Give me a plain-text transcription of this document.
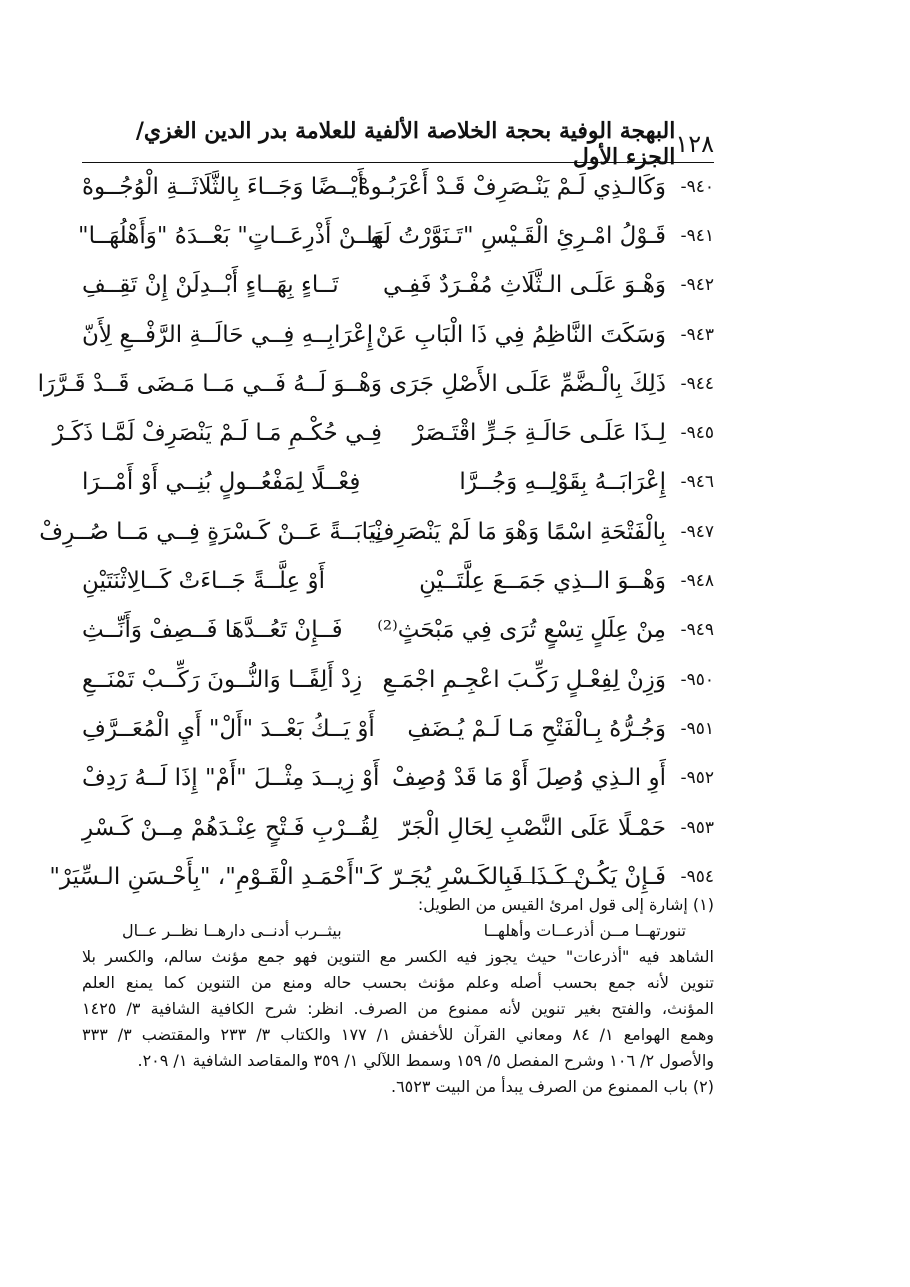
١٢٨
البهجة الوفية بحجة الخلاصة الألفية للعلامة بدر الدين الغزي/ الجزء الأول
٩٤٠-
وَكَالـذِي لَـمْ يَنْـصَرِفْ قَـدْ أَعْرَبُـوهْ
أَيْــضًا وَجَــاءَ بِالثَّلَاثَــةِ الْوُجُــوهْ
٩٤١-
قَـوْلُ امْـرِئِ الْقَـيْسِ "تَـنَوَّرْتُ لَهَا
مِــنْ أَذْرِعَــاتٍ" بَعْــدَهُ "وَأَهْلُهَــا"
٩٤٢-
وَهْـوَ عَلَـى الـثَّلَاثِ مُفْـرَدٌ فَفِـي
تَــاءٍ بِهَــاءٍ أَبْــدِلَنْ إِنْ تَقِــفِ
٩٤٣-
وَسَكَتَ النَّاظِمُ فِي ذَا الْبَابِ عَنْ
إِعْرَابِــهِ فِــي حَالَــةِ الرَّفْــعِ لِأَنّ
٩٤٤-
ذَلِكَ بِالْـضَّمِّ عَلَـى الأَصْلِ جَرَى
وَهْــوَ لَــهُ فَــي مَــا مَـضَى قَــدْ قَـرَّرَا
٩٤٥-
لِـذَا عَلَـى حَالَـةِ جَـرٍّ اقْتَـصَرْ
فِـي حُكْـمِ مَـا لَـمْ يَنْصَرِفْ لَمَّـا ذَكَـرْ
٩٤٦-
إِعْرَابَــهُ بِقَوْلِــهِ وَجُــرَّا
فِعْــلًا لِمَفْعُــولٍ بُنِــي أَوْ أَمْــرَا
٩٤٧-
بِالْفَتْحَةِ اسْمًا وَهْوَ مَا لَمْ يَنْصَرِفْ
نِيَابَــةً عَــنْ كَـسْرَةٍ فِــي مَــا صُــرِفْ
٩٤٨-
وَهْــوَ الــذِي جَمَــعَ عِلَّتَــيْنِ
أَوْ عِلَّــةً جَــاءَتْ كَــالِاثْنَتَيْنِ
٩٤٩-
مِنْ عِلَلٍ تِسْعٍ تُرَى فِي مَبْحَثٍ⁽²⁾
فَــإِنْ تَعُــدَّهَا فَــصِفْ وَأَنِّــثِ
٩٥٠-
وَزِنْ لِفِعْـلٍ رَكِّـبَ اعْجِـمِ اجْمَـعِ
زِدْ أَلِفًــا وَالنُّــونَ رَكِّــبْ تَمْنَــعِ
٩٥١-
وَجُـرُّهُ بِـالْفَتْحِ مَـا لَـمْ يُـضَفِ
أَوْ يَــكُ بَعْــدَ "أَلْ" أَيِ الْمُعَــرَّفِ
٩٥٢-
أَوِ الـذِي وُصِلَ أَوْ مَا قَدْ وُصِفْ
أَوْ زِيــدَ مِثْــلَ "أَمْ" إِذَا لَــهُ رَدِفْ
٩٥٣-
حَمْـلًا عَلَى النَّصْبِ لِحَالِ الْجَرّ
لِقُــرْبِ فَـتْحٍ عِنْـدَهُمْ مِــنْ كَـسْرِ
٩٥٤-
فَـإِنْ يَكُـنْ كَـذَا فَبِالكَـسْرِ يُجَـرّ
كَـ"أَحْمَـدِ الْقَـوْمِ"، "بِأَحْـسَنِ الـسِّيَرْ"
(١) إشارة إلى قول امرئ القيس من الطويل:
تنورتهــا مــن أذرعــات وأهلهــا
بيثــرب أدنــى دارهــا نظــر عــال
الشاهد فيه "أذرعات" حيث يجوز فيه الكسر مع التنوين فهو جمع مؤنث سالم، والكسر بلا
تنوين لأنه جمع بحسب أصله وعلم مؤنث بحسب حاله ومنع من التنوين كما يمنع العلم
المؤنث، والفتح بغير تنوين لأنه ممنوع من الصرف. انظر: شرح الكافية الشافية ٣/ ١٤٢٥
وهمع الهوامع ١/ ٨٤ ومعاني القرآن للأخفش ١/ ١٧٧ والكتاب ٣/ ٢٣٣ والمقتضب ٣/ ٣٣٣
والأصول ٢/ ١٠٦ وشرح المفصل ٥/ ١٥٩ وسمط اللآلي ١/ ٣٥٩ والمقاصد الشافية ١/ ٢٠٩.
(٢) باب الممنوع من الصرف يبدأ من البيت ٦٥٢٣.
